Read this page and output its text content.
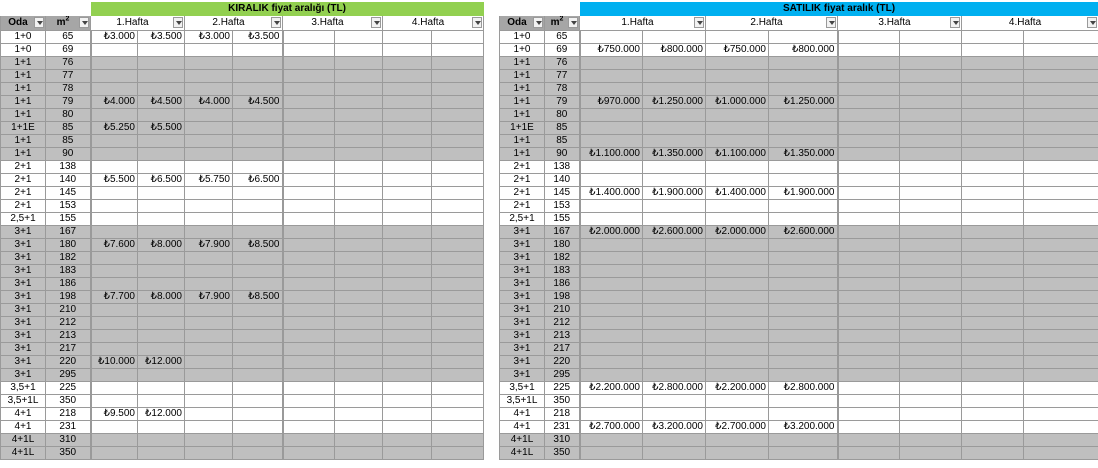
		KIRALIK fiyat aralığı (TL)							
Oda	$m^2$	1.Hafta		2.Hafta		3.Hafta		4.Hafta	

1+0	65	₺3.000	₺3.500	₺3.000	₺3.500				
1+0	69								
1+1	76								
1+1	77								
1+1	78								
1+1	79	₺4.000	₺4.500	₺4.000	₺4.500				
1+1	80								
1+1E	85	₺5.250	₺5.500						
1+1	85								
1+1	90								
2+1	138								
2+1	140	₺5.500	₺6.500	₺5.750	₺6.500				
2+1	145								
2+1	153								
2,5+1	155								
3+1	167								
3+1	180	₺7.600	₺8.000	₺7.900	₺8.500				
3+1	182								
3+1	183								
3+1	186								
3+1	198	₺7.700	₺8.000	₺7.900	₺8.500				
3+1	210								
3+1	212								
3+1	213								
3+1	217								
3+1	220	₺10.000	₺12.000						
3+1	295								
3,5+1	225								
3,5+1L	350								
4+1	218	₺9.500	₺12.000						
4+1	231								
4+1L	310								
4+1L	350								
		SATILIK fiyat aralık (TL)							
Oda	$m^2$	1.Hafta		2.Hafta		3.Hafta		4.Hafta	

1+0	65								
1+0	69	₺750.000	₺800.000	₺750.000	₺800.000				
1+1	76								
1+1	77								
1+1	78								
1+1	79	₺970.000	₺1.250.000	₺1.000.000	₺1.250.000				
1+1	80								
1+1E	85								
1+1	85								
1+1	90	₺1.100.000	₺1.350.000	₺1.100.000	₺1.350.000				
2+1	138								
2+1	140								
2+1	145	₺1.400.000	₺1.900.000	₺1.400.000	₺1.900.000				
2+1	153								
2,5+1	155								
3+1	167	₺2.000.000	₺2.600.000	₺2.000.000	₺2.600.000				
3+1	180								
3+1	182								
3+1	183								
3+1	186								
3+1	198								
3+1	210								
3+1	212								
3+1	213								
3+1	217								
3+1	220								
3+1	295								
3,5+1	225	₺2.200.000	₺2.800.000	₺2.200.000	₺2.800.000				
3,5+1L	350								
4+1	218								
4+1	231	₺2.700.000	₺3.200.000	₺2.700.000	₺3.200.000				
4+1L	310								
4+1L	350								
